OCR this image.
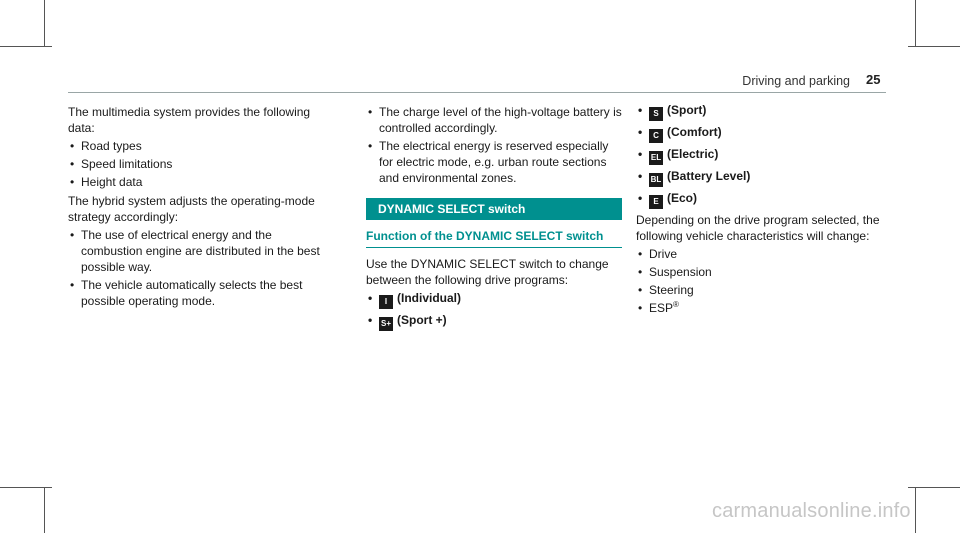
Driving and parking 25

The multimedia system provides the following data:

• Road types
• Speed limitations
• Height data

The hybrid system adjusts the operating-mode strategy accordingly:

• The use of electrical energy and the combustion engine are distributed in the best possible way.
• The vehicle automatically selects the best possible operating mode.
• The charge level of the high-voltage battery is controlled accordingly.
• The electrical energy is reserved especially for electric mode, e.g. urban route sections and environmental zones.
DYNAMIC SELECT switch
Function of the DYNAMIC SELECT switch

Use the DYNAMIC SELECT switch to change between the following drive programs:

• I (Individual)
• S+ (Sport +)
• S (Sport)
• C (Comfort)
• EL (Electric)
• BL (Battery Level)
• E (Eco)

Depending on the drive program selected, the following vehicle characteristics will change:

• Drive
• Suspension
• Steering
• ESP®
carmanualsonline.info
